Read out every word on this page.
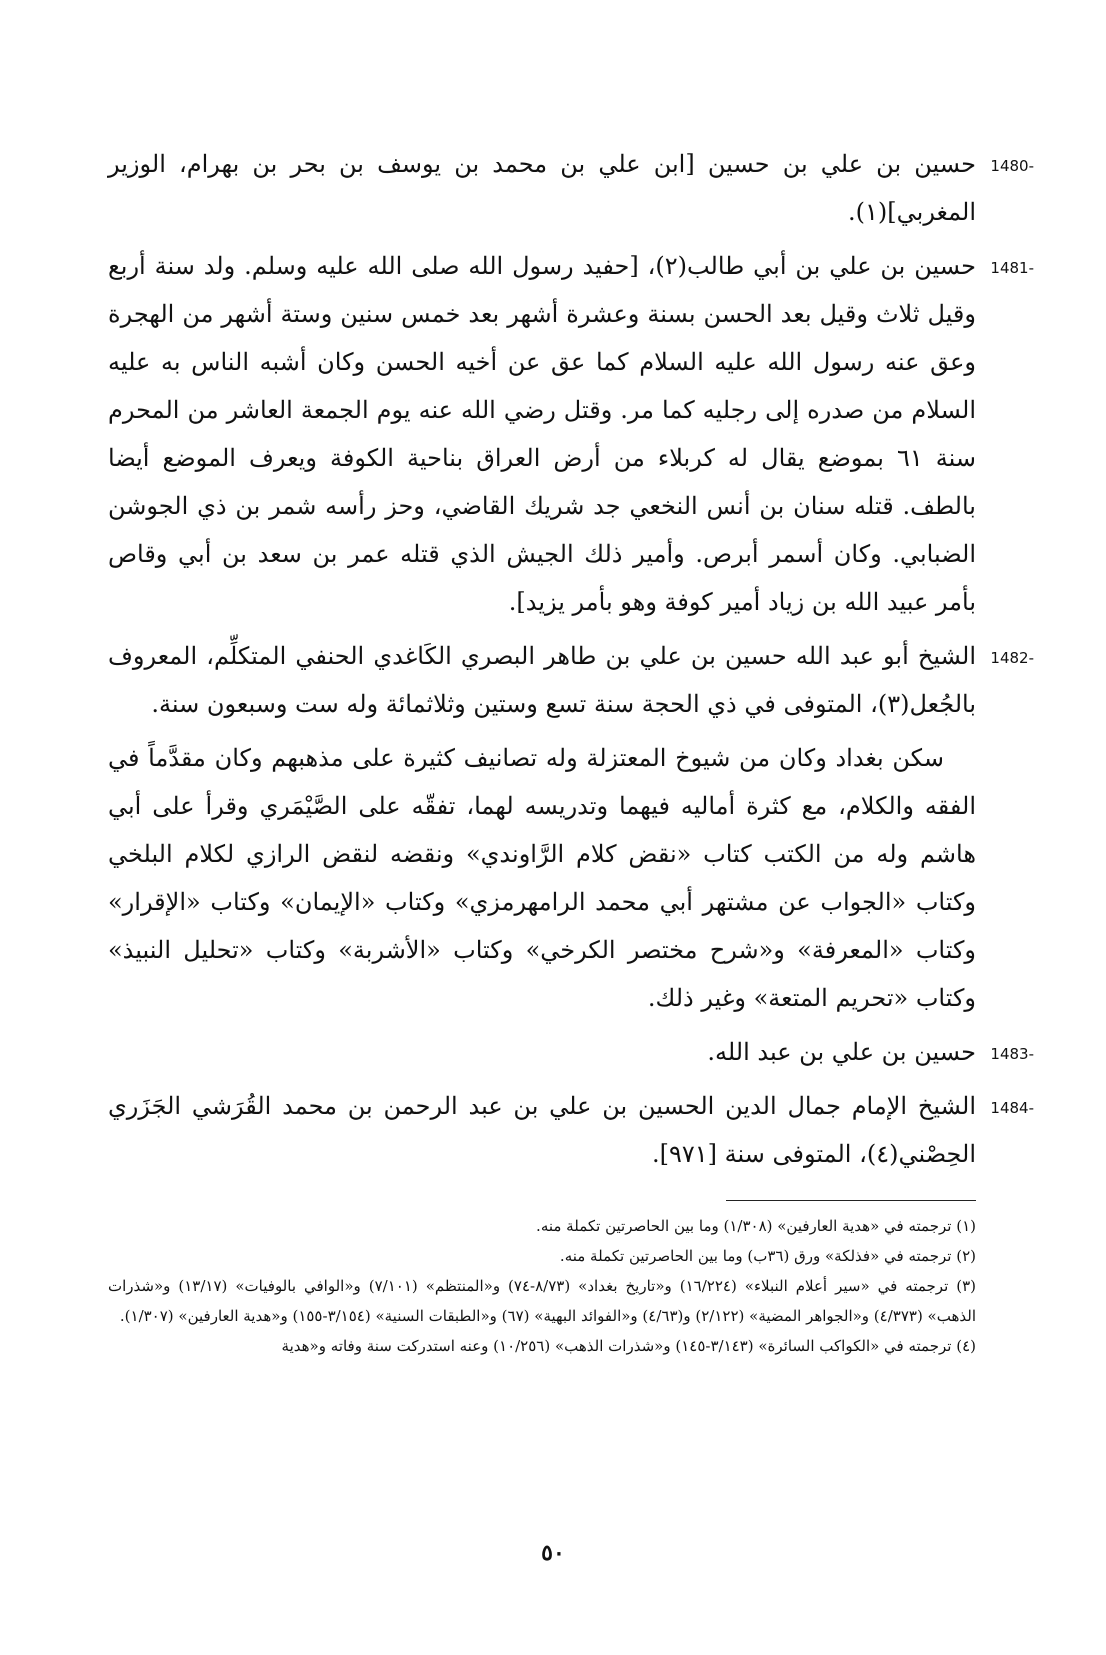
1480-
حسين بن علي بن حسين [ابن علي بن محمد بن يوسف بن بحر بن بهرام، الوزير المغربي](١).

1481-
حسين بن علي بن أبي طالب(٢)، [حفيد رسول الله صلى الله عليه وسلم. ولد سنة أربع وقيل ثلاث وقيل بعد الحسن بسنة وعشرة أشهر بعد خمس سنين وستة أشهر من الهجرة وعق عنه رسول الله عليه السلام كما عق عن أخيه الحسن وكان أشبه الناس به عليه السلام من صدره إلى رجليه كما مر. وقتل رضي الله عنه يوم الجمعة العاشر من المحرم سنة ٦١ بموضع يقال له كربلاء من أرض العراق بناحية الكوفة ويعرف الموضع أيضا بالطف. قتله سنان بن أنس النخعي جد شريك القاضي، وحز رأسه شمر بن ذي الجوشن الضبابي. وكان أسمر أبرص. وأمير ذلك الجيش الذي قتله عمر بن سعد بن أبي وقاص بأمر عبيد الله بن زياد أمير كوفة وهو بأمر يزيد].

1482-
الشيخ أبو عبد الله حسين بن علي بن طاهر البصري الكَاغدي الحنفي المتكلِّم، المعروف بالجُعل(٣)، المتوفى في ذي الحجة سنة تسع وستين وثلاثمائة وله ست وسبعون سنة.

سكن بغداد وكان من شيوخ المعتزلة وله تصانيف كثيرة على مذهبهم وكان مقدَّماً في الفقه والكلام، مع كثرة أماليه فيهما وتدريسه لهما، تفقّه على الصَّيْمَري وقرأ على أبي هاشم وله من الكتب كتاب «نقض كلام الرَّاوندي» ونقضه لنقض الرازي لكلام البلخي وكتاب «الجواب عن مشتهر أبي محمد الرامهرمزي» وكتاب «الإيمان» وكتاب «الإقرار» وكتاب «المعرفة» و«شرح مختصر الكرخي» وكتاب «الأشربة» وكتاب «تحليل النبيذ» وكتاب «تحريم المتعة» وغير ذلك.

1483-
حسين بن علي بن عبد الله.

1484-
الشيخ الإمام جمال الدين الحسين بن علي بن عبد الرحمن بن محمد القُرَشي الجَزَري الحِصْني(٤)، المتوفى سنة [٩٧١].

(١) ترجمته في «هدية العارفين» (١/٣٠٨) وما بين الحاصرتين تكملة منه.

(٢) ترجمته في «فذلكة» ورق (٣٦ب) وما بين الحاصرتين تكملة منه.

(٣) ترجمته في «سير أعلام النبلاء» (١٦/٢٢٤) و«تاريخ بغداد» (٨/٧٣-٧٤) و«المنتظم» (٧/١٠١) و«الوافي بالوفيات» (١٣/١٧) و«شذرات الذهب» (٤/٣٧٣) و«الجواهر المضية» (٢/١٢٢) و(٤/٦٣) و«الفوائد البهية» (٦٧) و«الطبقات السنية» (٣/١٥٤-١٥٥) و«هدية العارفين» (١/٣٠٧).

(٤) ترجمته في «الكواكب السائرة» (٣/١٤٣-١٤٥) و«شذرات الذهب» (١٠/٢٥٦) وعنه استدركت سنة وفاته و«هدية

٥٠
